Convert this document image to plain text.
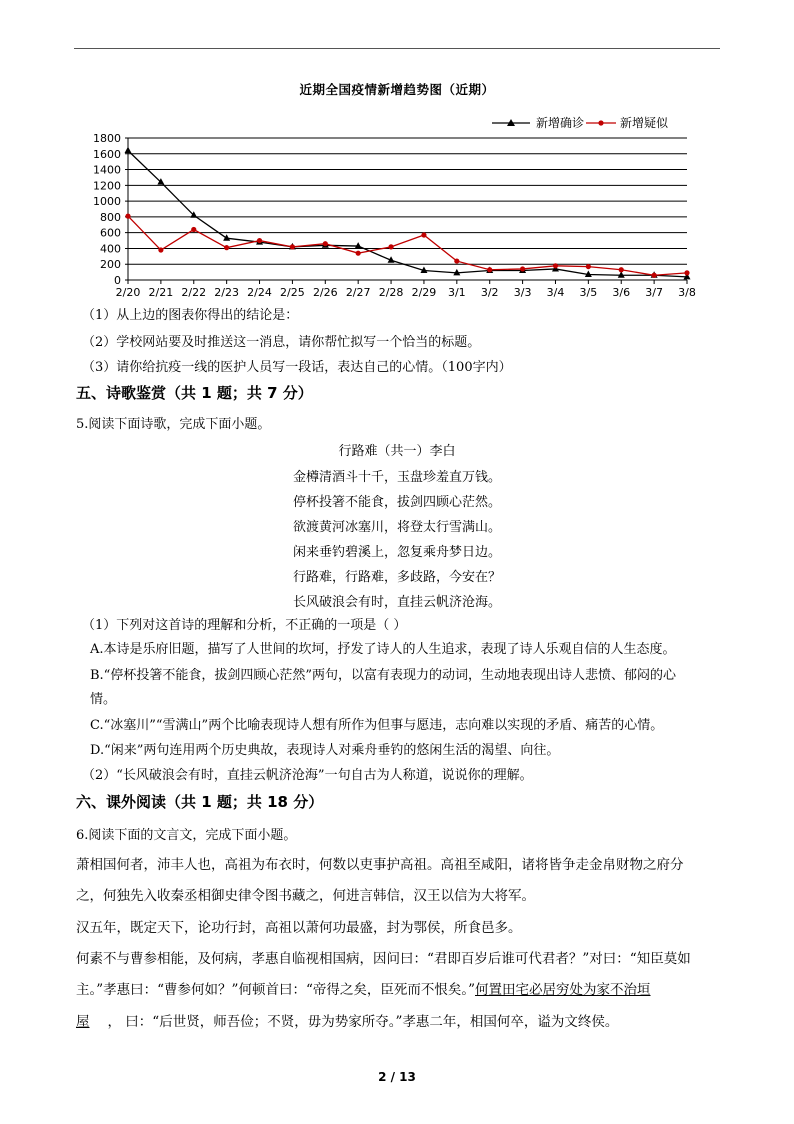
近期全国疫情新增趋势图（近期）
0
200
400
600
800
1000
1200
1400
1600
1800
2/20 2/21 2/22 2/23 2/24 2/25 2/26 2/27 2/28 2/29 3/1 3/2 3/3 3/4 3/5 3/6 3/7 3/8
新增确诊	新增疑似
（1）从上边的图表你得出的结论是：
（2）学校网站要及时推送这一消息，请你帮忙拟写一个恰当的标题。
（3）请你给抗疫一线的医护人员写一段话，表达自己的心情。（100字内）
五、诗歌鉴赏（共 1 题；共 7 分）
5.阅读下面诗歌，完成下面小题。
行路难（共一）李白
金樽清酒斗十千，玉盘珍羞直万钱。
停杯投箸不能食，拔剑四顾心茫然。
欲渡黄河冰塞川，将登太行雪满山。
闲来垂钓碧溪上，忽复乘舟梦日边。
行路难，行路难，多歧路，今安在？
长风破浪会有时，直挂云帆济沧海。
（1）下列对这首诗的理解和分析，不正确的一项是（ ）
A.本诗是乐府旧题，描写了人世间的坎坷，抒发了诗人的人生追求，表现了诗人乐观自信的人生态度。
B.“停杯投箸不能食，拔剑四顾心茫然”两句，以富有表现力的动词，生动地表现出诗人悲愤、郁闷的心
情。
C.“冰塞川”“雪满山”两个比喻表现诗人想有所作为但事与愿违，志向难以实现的矛盾、痛苦的心情。
D.“闲来”两句连用两个历史典故，表现诗人对乘舟垂钓的悠闲生活的渴望、向往。
（2）“长风破浪会有时，直挂云帆济沧海”一句自古为人称道，说说你的理解。
六、课外阅读（共 1 题；共 18 分）
6.阅读下面的文言文，完成下面小题。
萧相国何者，沛丰人也，高祖为布衣时，何数以吏事护高祖。高祖至咸阳，诸将皆争走金帛财物之府分
之，何独先入收秦丞相御史律令图书藏之，何进言韩信，汉王以信为大将军。
汉五年，既定天下，论功行封，高祖以萧何功最盛，封为鄂侯，所食邑多。
何素不与曹参相能，及何病，孝惠自临视相国病，因问曰：“君即百岁后谁可代君者？”对曰：“知臣莫如
主。”孝惠曰：“曹参何如？”何顿首曰：“帝得之矣，臣死而不恨矣。”何置田宅必居穷处为家不治垣
屋 ， 曰：“后世贤，师吾俭；不贤，毋为势家所夺。”孝惠二年，相国何卒，谥为文终侯。
2 / 13
